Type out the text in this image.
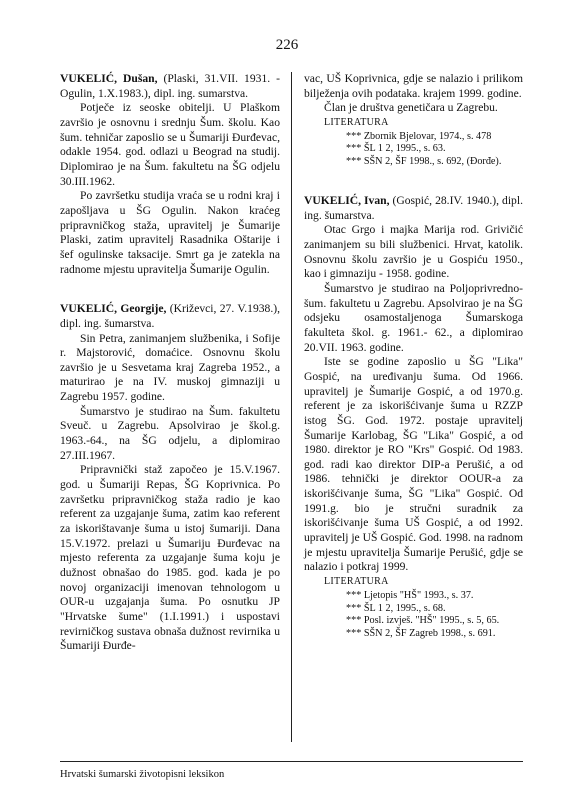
226

VUKELIĆ, Dušan, (Plaski, 31.VII. 1931. - Ogulin, 1.X.1983.), dipl. ing. sumarstva.

Potječe iz seoske obitelji. U Plaškom završio je osnovnu i srednju Šum. školu. Kao šum. tehničar zaposlio se u Šumariji Đurđevac, odakle 1954. god. odlazi u Beograd na studij. Diplomirao je na Šum. fakultetu na ŠG odjelu 30.III.1962.

Po završetku studija vraća se u rodni kraj i zapošljava u ŠG Ogulin. Nakon kraćeg pripravničkog staža, upravitelj je Šumarije Plaski, zatim upravitelj Rasadnika Oštarije i šef ogulinske taksacije. Smrt ga je zatekla na radnome mjestu upravitelja Šumarije Ogulin.

VUKELIĆ, Georgije, (Križevci, 27. V.1938.), dipl. ing. šumarstva.

Sin Petra, zanimanjem službenika, i Sofije r. Majstorović, domaćice. Osnovnu školu završio je u Sesvetama kraj Zagreba 1952., a maturirao je na IV. muskoj gimnaziji u Zagrebu 1957. godine.

Šumarstvo je studirao na Šum. fakultetu Sveuč. u Zagrebu. Apsolvirao je škol.g. 1963.-64., na ŠG odjelu, a diplomirao 27.III.1967.

Pripravnički staž započeo je 15.V.1967. god. u Šumariji Repas, ŠG Koprivnica. Po završetku pripravničkog staža radio je kao referent za uzgajanje šuma, zatim kao referent za iskorištavanje šuma u istoj šumariji. Dana 15.V.1972. prelazi u Šumariju Đurđevac na mjesto referenta za uzgajanje šuma koju je dužnost obnašao do 1985. god. kada je po novoj organizaciji imenovan tehnologom u OUR-u uzgajanja šuma. Po osnutku JP "Hrvatske šume" (1.I.1991.) i uspostavi revirničkog sustava obnaša dužnost revirnika u Šumariji Đurđe-

vac, UŠ Koprivnica, gdje se nalazio i prilikom bilježenja ovih podataka. krajem 1999. godine.

Član je društva genetičara u Zagrebu.

LITERATURA

*** Zbornik Bjelovar, 1974., s. 478
*** ŠL 1 2, 1995., s. 63.
*** SŠN 2, ŠF 1998., s. 692, (Đorđe).

VUKELIĆ, Ivan, (Gospić, 28.IV. 1940.), dipl. ing. šumarstva.

Otac Grgo i majka Marija rod. Grivičić zanimanjem su bili službenici. Hrvat, katolik. Osnovnu školu završio je u Gospiću 1950., kao i gimnaziju - 1958. godine.

Šumarstvo je studirao na Poljoprivredno-šum. fakultetu u Zagrebu. Apsolvirao je na ŠG odsjeku osamostaljenoga Šumarskoga fakulteta škol. g. 1961.- 62., a diplomirao 20.VII. 1963. godine.

Iste se godine zaposlio u ŠG "Lika" Gospić, na uređivanju šuma. Od 1966. upravitelj je Šumarije Gospić, a od 1970.g. referent je za iskorišćivanje šuma u RZZP istog ŠG. God. 1972. postaje upravitelj Šumarije Karlobag, ŠG "Lika" Gospić, a od 1980. direktor je RO "Krs" Gospić. Od 1983. god. radi kao direktor DIP-a Perušić, a od 1986. tehnički je direktor OOUR-a za iskorišćivanje šuma, ŠG "Lika" Gospić. Od 1991.g. bio je stručni suradnik za iskorišćivanje šuma UŠ Gospić, a od 1992. upravitelj je UŠ Gospić. God. 1998. na radnom je mjestu upravitelja Šumarije Perušić, gdje se nalazio i potkraj 1999.

LITERATURA

*** Ljetopis "HŠ" 1993., s. 37.
*** ŠL 1 2, 1995., s. 68.
*** Posl. izvješ. "HŠ" 1995., s. 5, 65.
*** SŠN 2, ŠF Zagreb 1998., s. 691.
Hrvatski šumarski životopisni leksikon
